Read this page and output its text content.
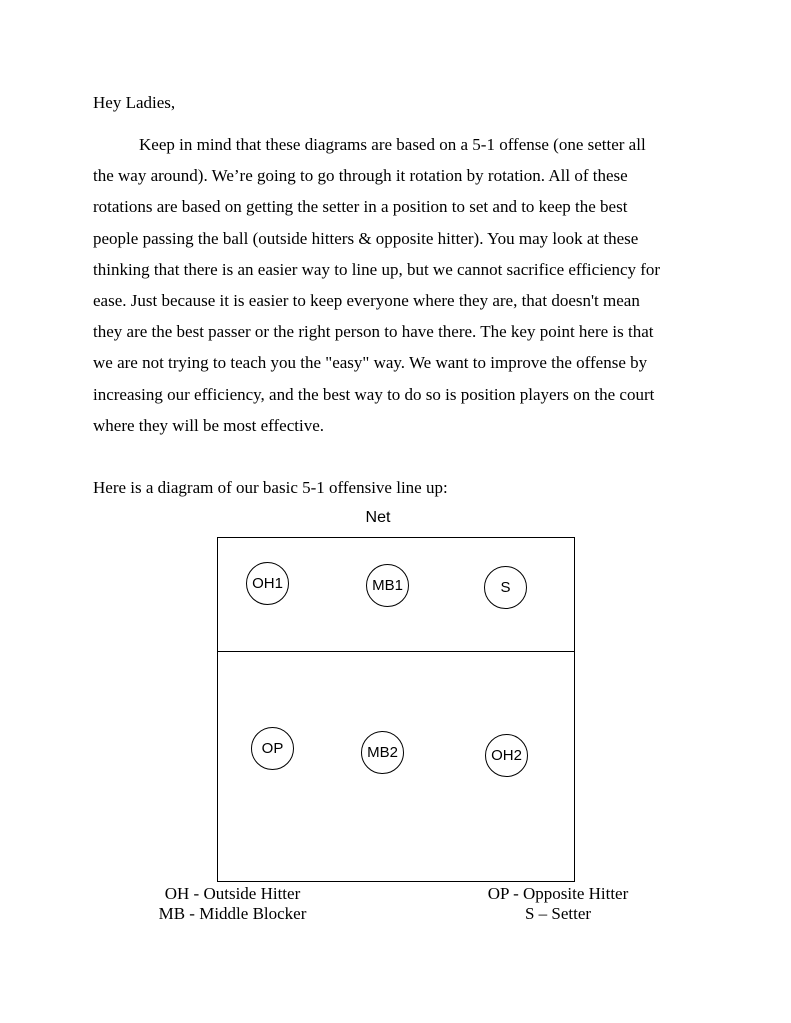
Hey Ladies,

Keep in mind that these diagrams are based on a 5-1 offense (one setter all
the way around). We’re going to go through it rotation by rotation. All of these
rotations are based on getting the setter in a position to set and to keep the best
people passing the ball (outside hitters & opposite hitter). You may look at these
thinking that there is an easier way to line up, but we cannot sacrifice efficiency for
ease. Just because it is easier to keep everyone where they are, that doesn't mean
they are the best passer or the right person to have there. The key point here is that
we are not trying to teach you the "easy" way. We want to improve the offense by
increasing our efficiency, and the best way to do so is position players on the court
where they will be most effective.

Here is a diagram of our basic 5-1 offensive line up:

Net
OH1	MB1	S
OP	MB2	OH2
OH - Outside Hitter
MB - Middle Blocker
OP - Opposite Hitter
S – Setter
